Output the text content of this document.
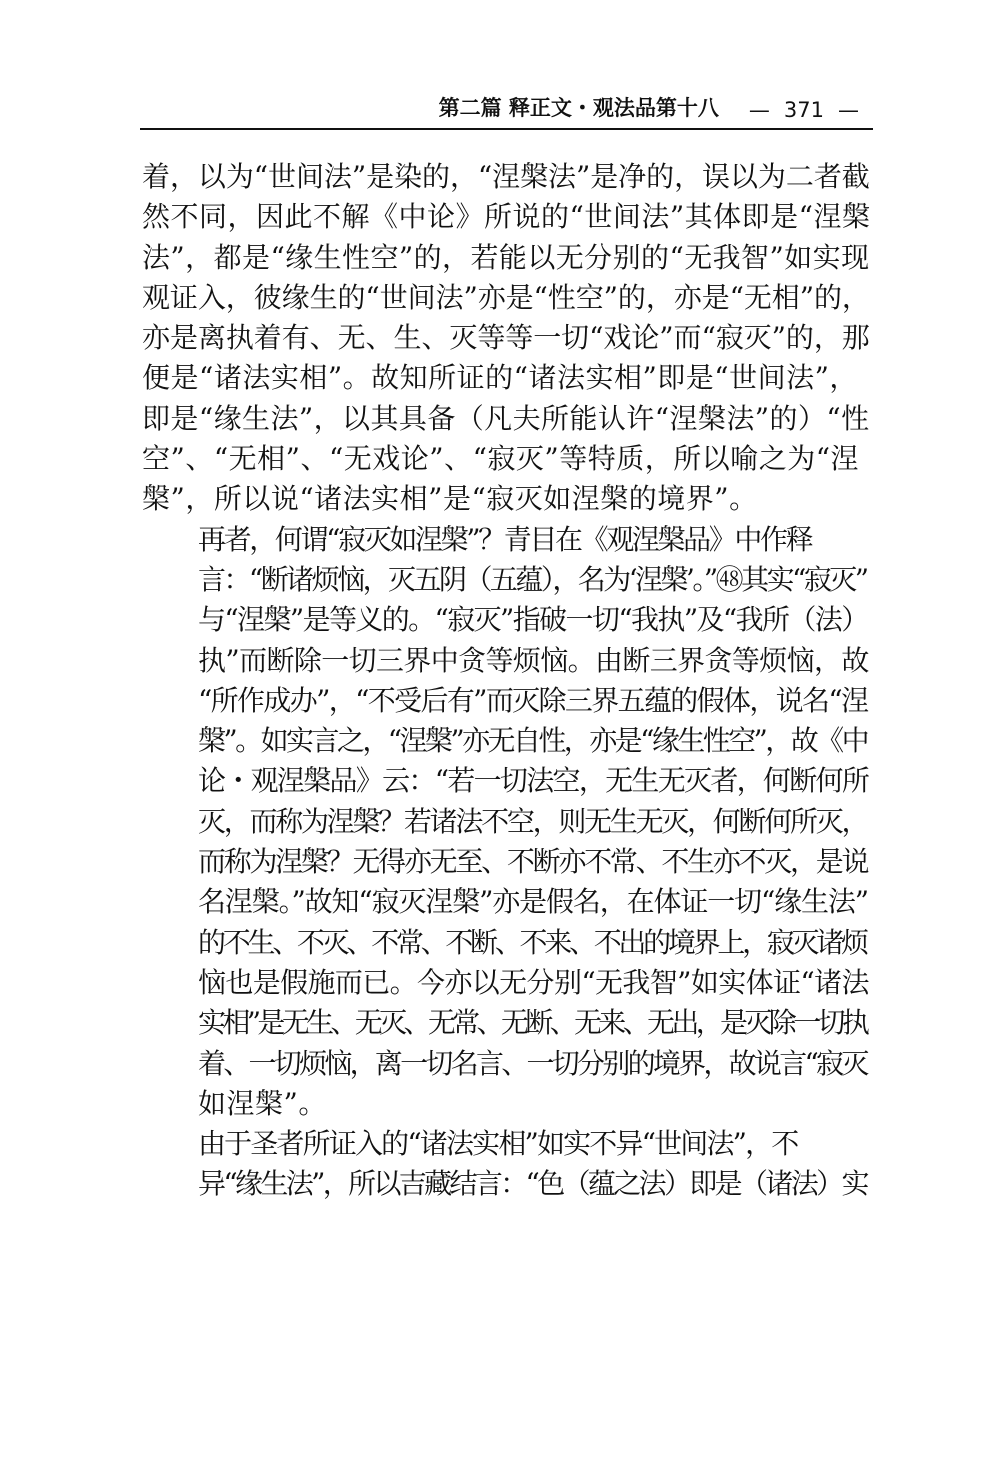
第二篇 释正文・观法品第十八 — 371 —

着，以为“世间法”是染的，“涅槃法”是净的，误以为二者截
然不同，因此不解《中论》所说的“世间法”其体即是“涅槃
法”，都是“缘生性空”的，若能以无分别的“无我智”如实现
观证入，彼缘生的“世间法”亦是“性空”的，亦是“无相”的，
亦是离执着有、无、生、灭等等一切“戏论”而“寂灭”的，那
便是“诸法实相”。故知所证的“诸法实相”即是“世间法”，
即是“缘生法”，以其具备（凡夫所能认许“涅槃法”的）“性
空”、“无相”、“无戏论”、“寂灭”等特质，所以喻之为“涅
槃”，所以说“诸法实相”是“寂灭如涅槃的境界”。

再者，何谓“寂灭如涅槃”？青目在《观涅槃品》中作释
言：“断诸烦恼，灭五阴（五蕴），名为‘涅槃’。”㊽其实“寂灭”
与“涅槃”是等义的。“寂灭”指破一切“我执”及“我所（法）
执”而断除一切三界中贪等烦恼。由断三界贪等烦恼，故
“所作成办”，“不受后有”而灭除三界五蕴的假体，说名“涅
槃”。如实言之，“涅槃”亦无自性，亦是“缘生性空”，故《中
论・观涅槃品》云：“若一切法空，无生无灭者，何断何所
灭，而称为涅槃？若诸法不空，则无生无灭，何断何所灭，
而称为涅槃？无得亦无至、不断亦不常、不生亦不灭，是说
名涅槃。”故知“寂灭涅槃”亦是假名，在体证一切“缘生法”
的不生、不灭、不常、不断、不来、不出的境界上，寂灭诸烦
恼也是假施而已。今亦以无分别“无我智”如实体证“诸法
实相”是无生、无灭、无常、无断、无来、无出，是灭除一切执
着、一切烦恼，离一切名言、一切分别的境界，故说言“寂灭
如涅槃”。

由于圣者所证入的“诸法实相”如实不异“世间法”，不
异“缘生法”，所以吉藏结言：“色（蕴之法）即是（诸法）实
